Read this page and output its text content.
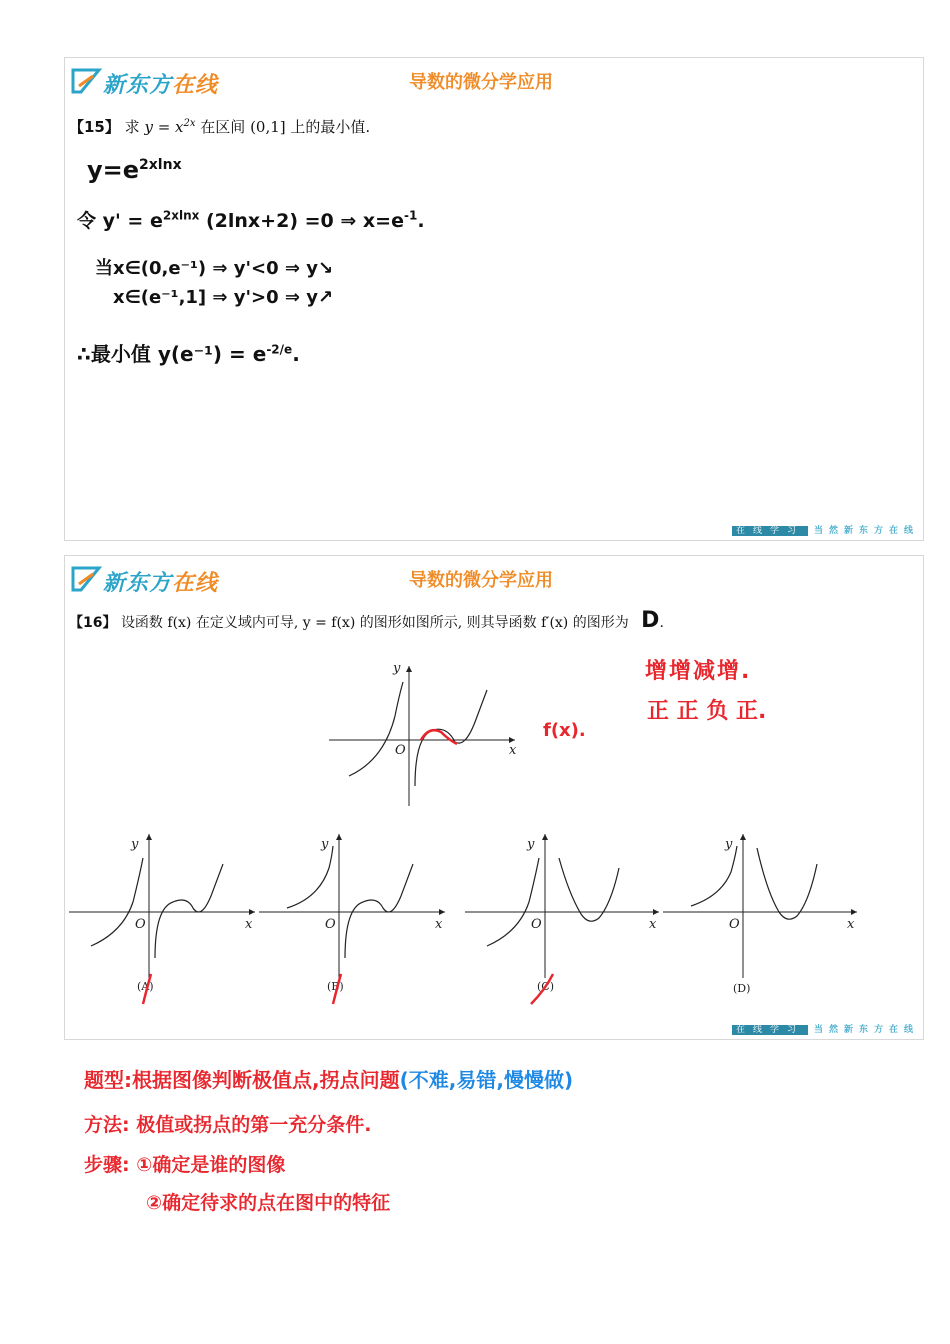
新东方在线	导数的微分学应用
【15】 求 $y = x^{2x}$ 在区间 (0,1] 上的最小值.
$y=e^{2xlnx}$
令 $y' = e^{2xlnx}$ (2lnx+2) =0 ⇒ $x=e^{-1}$.
当x∈(0,e⁻¹) ⇒ y'<0 ⇒ y↘
x∈(e⁻¹,1] ⇒ y'>0 ⇒ y↗
∴最小值 $y(e^{-1}) = e^{-2/e}$.
在线学习	当然新东方在线
新东方在线	导数的微分学应用
【16】 设函数 f(x) 在定义域内可导, y = f(x) 的图形如图所示, 则其导函数 f′(x) 的图形为 D.
y
x
O
f(x).
增增减增.
正 正 负 正.
y
x
O
(A)
y
x
O
(B)
y
x
O
(C)
y
x
O
(D)
在线学习	当然新东方在线
题型:根据图像判断极值点,拐点问题(不难,易错,慢慢做)
方法: 极值或拐点的第一充分条件.
步骤: ①确定是谁的图像
②确定待求的点在图中的特征
